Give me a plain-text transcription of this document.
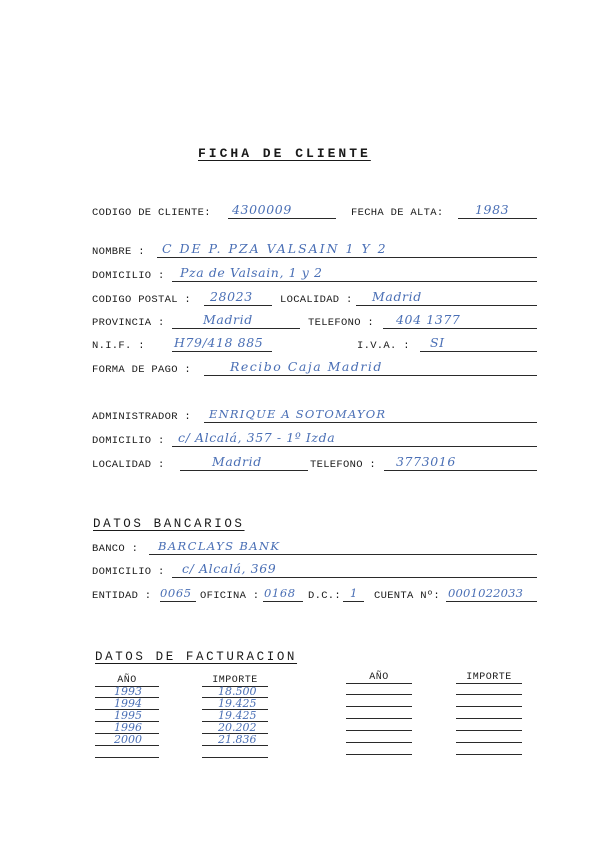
FICHA DE CLIENTE
CODIGO DE CLIENTE: 4300009	FECHA DE ALTA:	1983
NOMBRE : C DE P. PZA VALSAIN 1 Y 2
DOMICILIO : Pza de Valsain, 1 y 2
CODIGO POSTAL : 28023	LOCALIDAD : Madrid
PROVINCIA :	Madrid	TELEFONO : 404 1377
N.I.F. : H79/418 885	I.V.A. : SI
FORMA DE PAGO :	Recibo Caja Madrid
ADMINISTRADOR : ENRIQUE A SOTOMAYOR
DOMICILIO : c/ Alcalá, 357 - 1º Izda
LOCALIDAD :	Madrid	TELEFONO : 3773016
DATOS BANCARIOS
BANCO : BARCLAYS BANK
DOMICILIO : c/ Alcalá, 369
ENTIDAD : 0065 OFICINA : 0168 D.C.: 1 CUENTA Nº: 0001022033
DATOS DE FACTURACION
AÑO	IMPORTE	AÑO	IMPORTE
1993	18.500
1994	19.425
1995	19.425
1996	20.202
2000	21.836
